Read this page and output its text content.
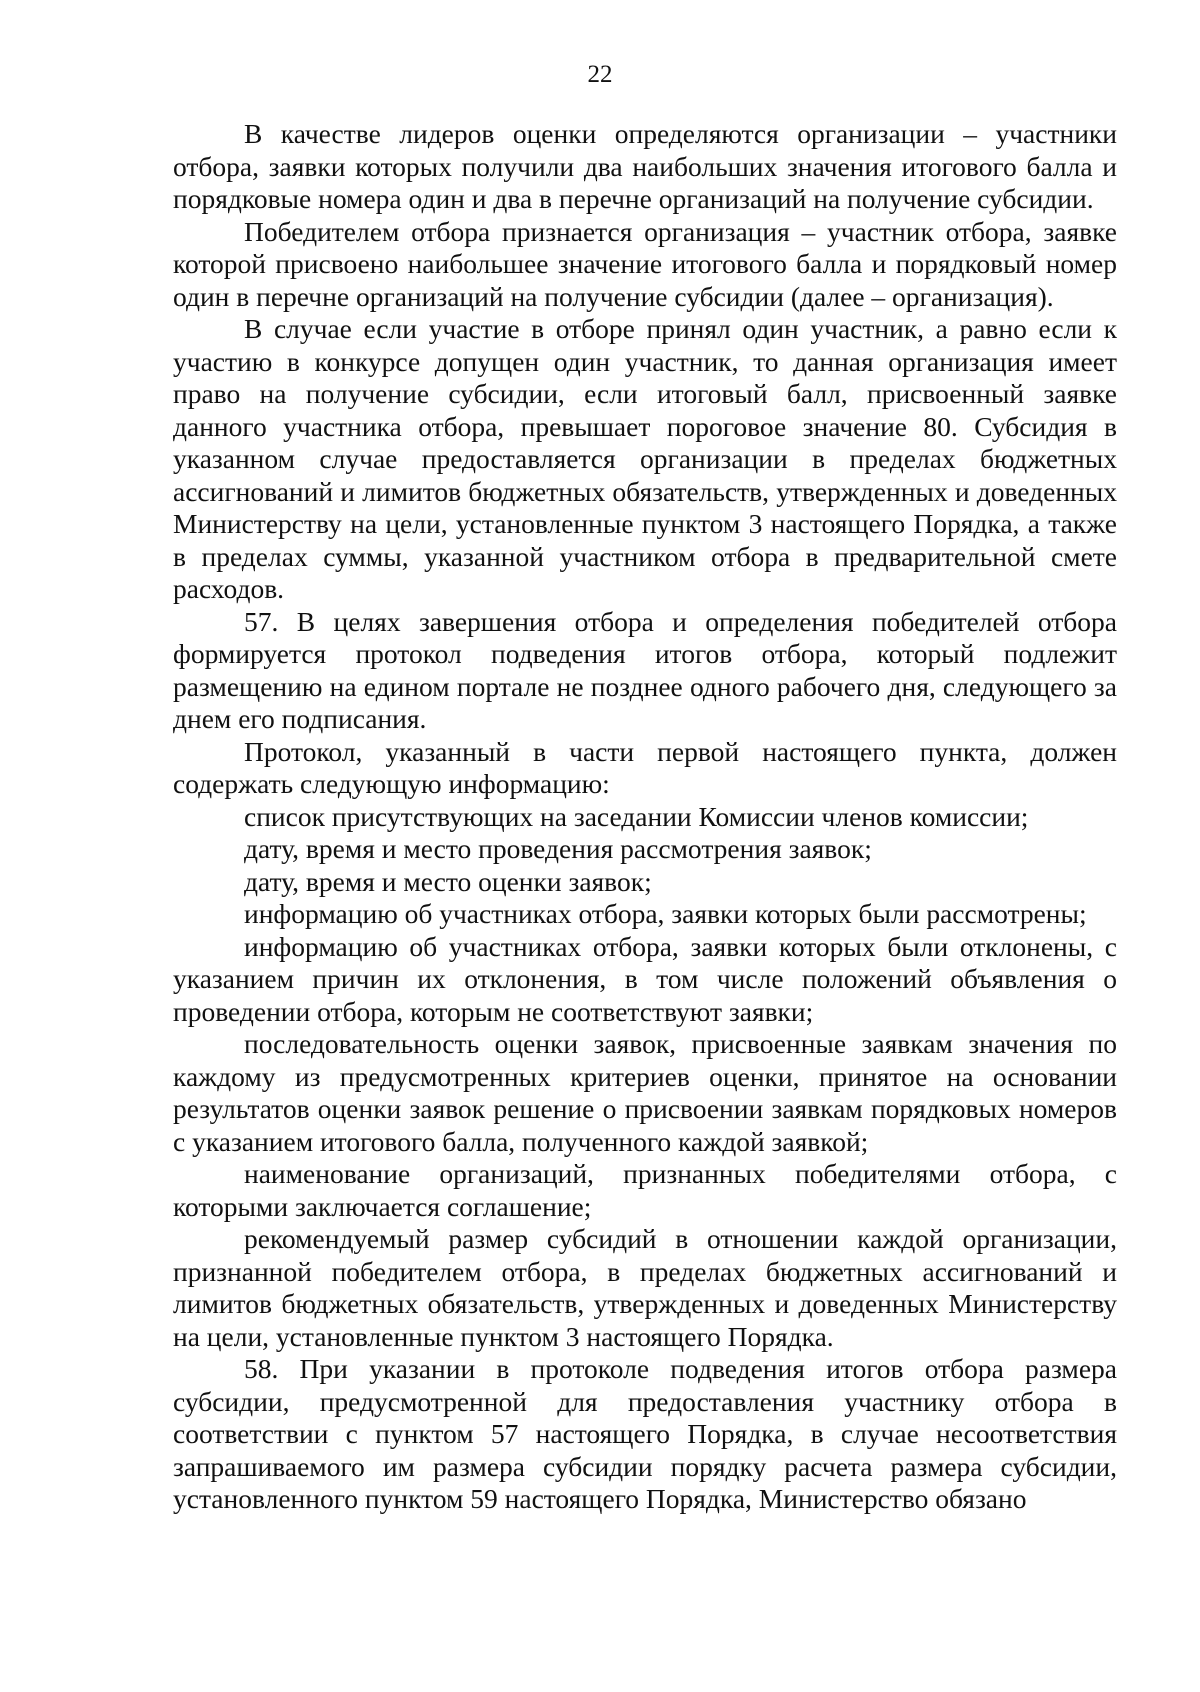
22

В качестве лидеров оценки определяются организации – участники отбора, заявки которых получили два наибольших значения итогового балла и порядковые номера один и два в перечне организаций на получение субсидии.

Победителем отбора признается организация – участник отбора, заявке которой присвоено наибольшее значение итогового балла и порядковый номер один в перечне организаций на получение субсидии (далее – организация).

В случае если участие в отборе принял один участник, а равно если к участию в конкурсе допущен один участник, то данная организация имеет право на получение субсидии, если итоговый балл, присвоенный заявке данного участника отбора, превышает пороговое значение 80. Субсидия в указанном случае предоставляется организации в пределах бюджетных ассигнований и лимитов бюджетных обязательств, утвержденных и доведенных Министерству на цели, установленные пунктом 3 настоящего Порядка, а также в пределах суммы, указанной участником отбора в предварительной смете расходов.

57. В целях завершения отбора и определения победителей отбора формируется протокол подведения итогов отбора, который подлежит размещению на едином портале не позднее одного рабочего дня, следующего за днем его подписания.

Протокол, указанный в части первой настоящего пункта, должен содержать следующую информацию:

список присутствующих на заседании Комиссии членов комиссии;

дату, время и место проведения рассмотрения заявок;

дату, время и место оценки заявок;

информацию об участниках отбора, заявки которых были рассмотрены;

информацию об участниках отбора, заявки которых были отклонены, с указанием причин их отклонения, в том числе положений объявления о проведении отбора, которым не соответствуют заявки;

последовательность оценки заявок, присвоенные заявкам значения по каждому из предусмотренных критериев оценки, принятое на основании результатов оценки заявок решение о присвоении заявкам порядковых номеров с указанием итогового балла, полученного каждой заявкой;

наименование организаций, признанных победителями отбора, с которыми заключается соглашение;

рекомендуемый размер субсидий в отношении каждой организации, признанной победителем отбора, в пределах бюджетных ассигнований и лимитов бюджетных обязательств, утвержденных и доведенных Министерству на цели, установленные пунктом 3 настоящего Порядка.

58. При указании в протоколе подведения итогов отбора размера субсидии, предусмотренной для предоставления участнику отбора в соответствии с пунктом 57 настоящего Порядка, в случае несоответствия запрашиваемого им размера субсидии порядку расчета размера субсидии, установленного пунктом 59 настоящего Порядка, Министерство обязано
